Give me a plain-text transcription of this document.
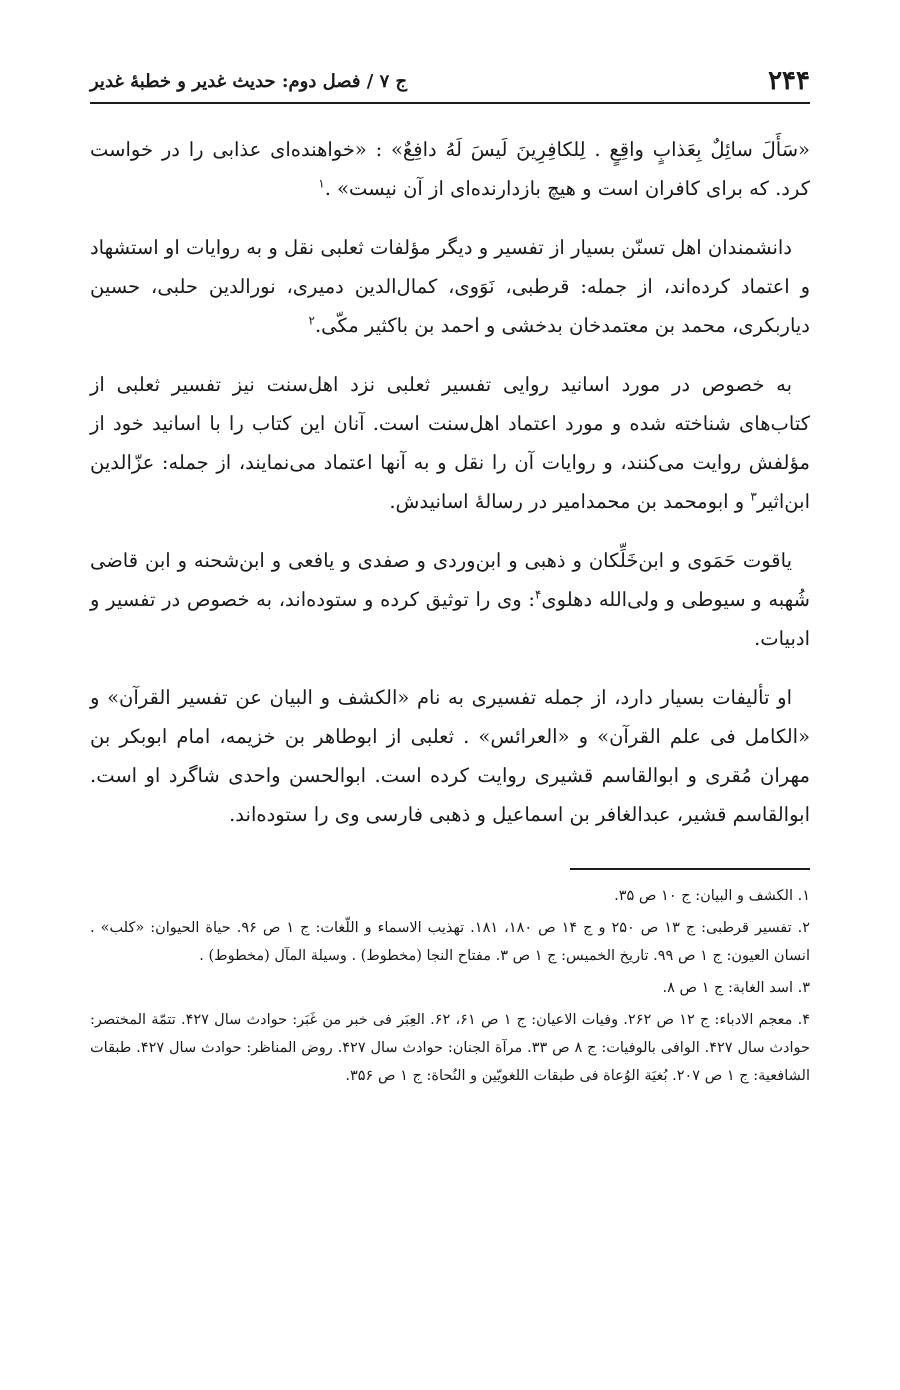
۲۴۴
ج ۷ / فصل دوم: حدیث غدیر و خطبهٔ غدیر

«سَأَلَ سائِلٌ بِعَذابٍ واقِعٍ . لِلكافِرِينَ لَيسَ لَهُ دافِعٌ» : «خواهنده‌ای عذابی را در خواست کرد. که برای کافران است و هیچ بازدارنده‌ای از آن نیست» .$^۱$

دانشمندان اهل تسنّن بسیار از تفسیر و دیگر مؤلفات ثعلبی نقل و به روایات او استشهاد و اعتماد کرده‌اند، از جمله: قرطبی، نَوَوی، کمال‌الدین دمیری، نورالدین حلبی، حسین دیاربکری، محمد بن معتمدخان بدخشی و احمد بن باکثیر مکّی.$^۲$

به خصوص در مورد اسانید روایی تفسیر ثعلبی نزد اهل‌سنت نیز تفسیر ثعلبی از کتاب‌های شناخته شده و مورد اعتماد اهل‌سنت است. آنان این کتاب را با اسانید خود از مؤلفش روایت می‌کنند، و روایات آن را نقل و به آنها اعتماد می‌نمایند، از جمله: عزّالدین ابن‌اثیر$^۳$ و ابومحمد بن محمدامیر در رسالهٔ اسانیدش.

یاقوت حَمَوی و ابن‌خَلِّکان و ذهبی و ابن‌وردی و صفدی و یافعی و ابن‌شحنه و ابن قاضی شُهبه و سیوطی و ولی‌الله دهلوی$^۴$: وی را توثیق کرده و ستوده‌اند، به خصوص در تفسیر و ادبیات.

او تألیفات بسیار دارد، از جمله تفسیری به نام «الکشف و البیان عن تفسیر القرآن» و «الکامل فی علم القرآن» و «العرائس» . ثعلبی از ابوطاهر بن خزیمه، امام ابوبکر بن مهران مُقری و ابوالقاسم قشیری روایت کرده است. ابوالحسن واحدی شاگرد او است. ابوالقاسم قشیر، عبدالغافر بن اسماعیل و ذهبی فارسی وی را ستوده‌اند.

۱. الکشف و البیان: ج ۱۰ ص ۳۵.
۲. تفسیر قرطبی: ج ۱۳ ص ۲۵۰ و ج ۱۴ ص ۱۸۰، ۱۸۱. تهذیب الاسماء و اللّغات: ج ۱ ص ۹۶. حیاة الحیوان: «کلب» . انسان العیون: ج ۱ ص ۹۹. تاریخ الخمیس: ج ۱ ص ۳. مفتاح النجا (مخطوط) . وسیلة المآل (مخطوط) .
۳. اسد الغابة: ج ۱ ص ۸.
۴. معجم الادباء: ج ۱۲ ص ۲۶۲. وفیات الاعیان: ج ۱ ص ۶۱، ۶۲. العِبَر فی خبر من غَبَر: حوادث سال ۴۲۷. تتمّة المختصر: حوادث سال ۴۲۷. الوافی بالوفیات: ج ۸ ص ۳۳. مرآة الجنان: حوادث سال ۴۲۷. روض المناظر: حوادث سال ۴۲۷. طبقات الشافعیة: ج ۱ ص ۲۰۷. بُغیَة الوُعاة فی طبقات اللغویّین و النُحاة: ج ۱ ص ۳۵۶.
